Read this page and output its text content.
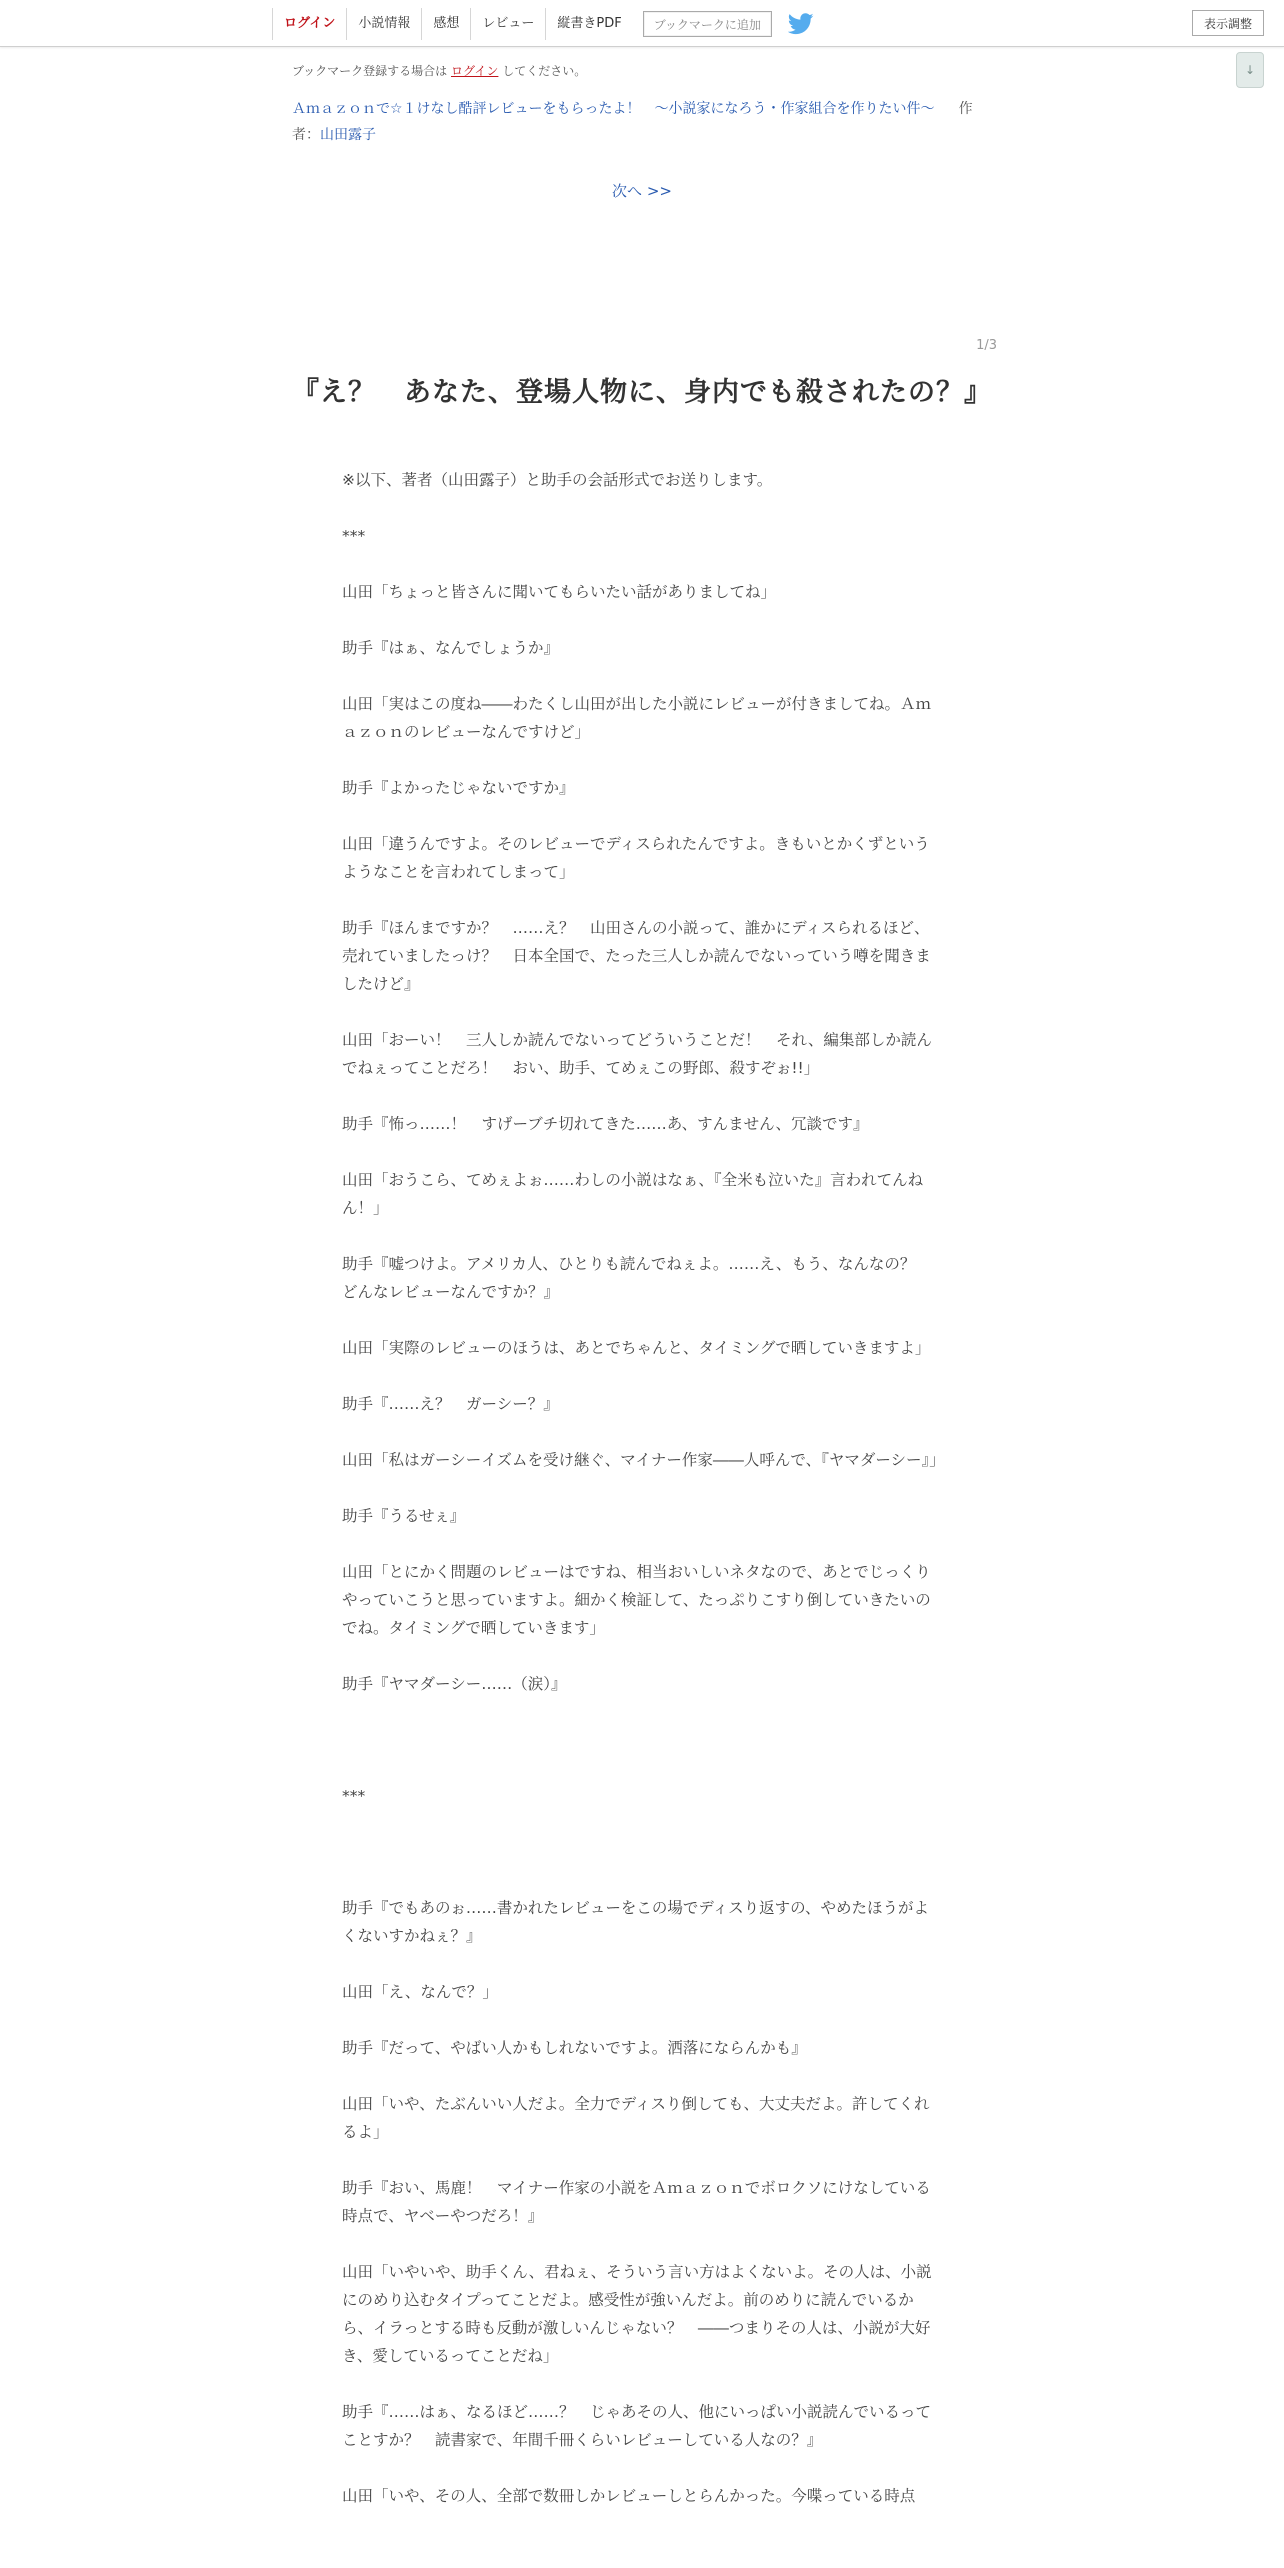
ログイン	小説情報	感想	レビュー	縦書きPDF	ブックマークに追加	表示調整
↓
ブックマーク登録する場合は ログイン してください。
Ａｍａｚｏｎで☆１けなし酷評レビューをもらったよ！　～小説家になろう・作家組合を作りたい件～ 作者：山田露子
次へ >>
1/3
『え？　あなた、登場人物に、身内でも殺されたの？』

※以下、著者（山田露子）と助手の会話形式でお送りします。

***

山田「ちょっと皆さんに聞いてもらいたい話がありましてね」

助手『はぁ、なんでしょうか』

山田「実はこの度ね――わたくし山田が出した小説にレビューが付きましてね。Ａｍａｚｏｎのレビューなんですけど」

助手『よかったじゃないですか』

山田「違うんですよ。そのレビューでディスられたんですよ。きもいとかくずというようなことを言われてしまって」

助手『ほんまですか？　……え？　山田さんの小説って、誰かにディスられるほど、売れていましたっけ？　日本全国で、たった三人しか読んでないっていう噂を聞きましたけど』

山田「おーい！　三人しか読んでないってどういうことだ！　それ、編集部しか読んでねぇってことだろ！　おい、助手、てめぇこの野郎、殺すぞぉ!!」

助手『怖っ……！　すげーブチ切れてきた……あ、すんません、冗談です』

山田「おうこら、てめぇよぉ……わしの小説はなぁ、『全米も泣いた』言われてんねん！」

助手『嘘つけよ。アメリカ人、ひとりも読んでねぇよ。……え、もう、なんなの？　どんなレビューなんですか？』

山田「実際のレビューのほうは、あとでちゃんと、タイミングで晒していきますよ」

助手『……え？　ガーシー？』

山田「私はガーシーイズムを受け継ぐ、マイナー作家――人呼んで、『ヤマダーシー』」

助手『うるせぇ』

山田「とにかく問題のレビューはですね、相当おいしいネタなので、あとでじっくりやっていこうと思っていますよ。細かく検証して、たっぷりこすり倒していきたいのでね。タイミングで晒していきます」

助手『ヤマダーシー……（涙）』

***

助手『でもあのぉ……書かれたレビューをこの場でディスり返すの、やめたほうがよくないすかねぇ？』

山田「え、なんで？」

助手『だって、やばい人かもしれないですよ。洒落にならんかも』

山田「いや、たぶんいい人だよ。全力でディスり倒しても、大丈夫だよ。許してくれるよ」

助手『おい、馬鹿！　マイナー作家の小説をＡｍａｚｏｎでボロクソにけなしている時点で、ヤベーやつだろ！』

山田「いやいや、助手くん、君ねぇ、そういう言い方はよくないよ。その人は、小説にのめり込むタイプってことだよ。感受性が強いんだよ。前のめりに読んでいるから、イラっとする時も反動が激しいんじゃない？　――つまりその人は、小説が大好き、愛しているってことだね」

助手『……はぁ、なるほど……？　じゃあその人、他にいっぱい小説読んでいるってことすか？　読書家で、年間千冊くらいレビューしている人なの？』

山田「いや、その人、全部で数冊しかレビューしとらんかった。今喋っている時点
